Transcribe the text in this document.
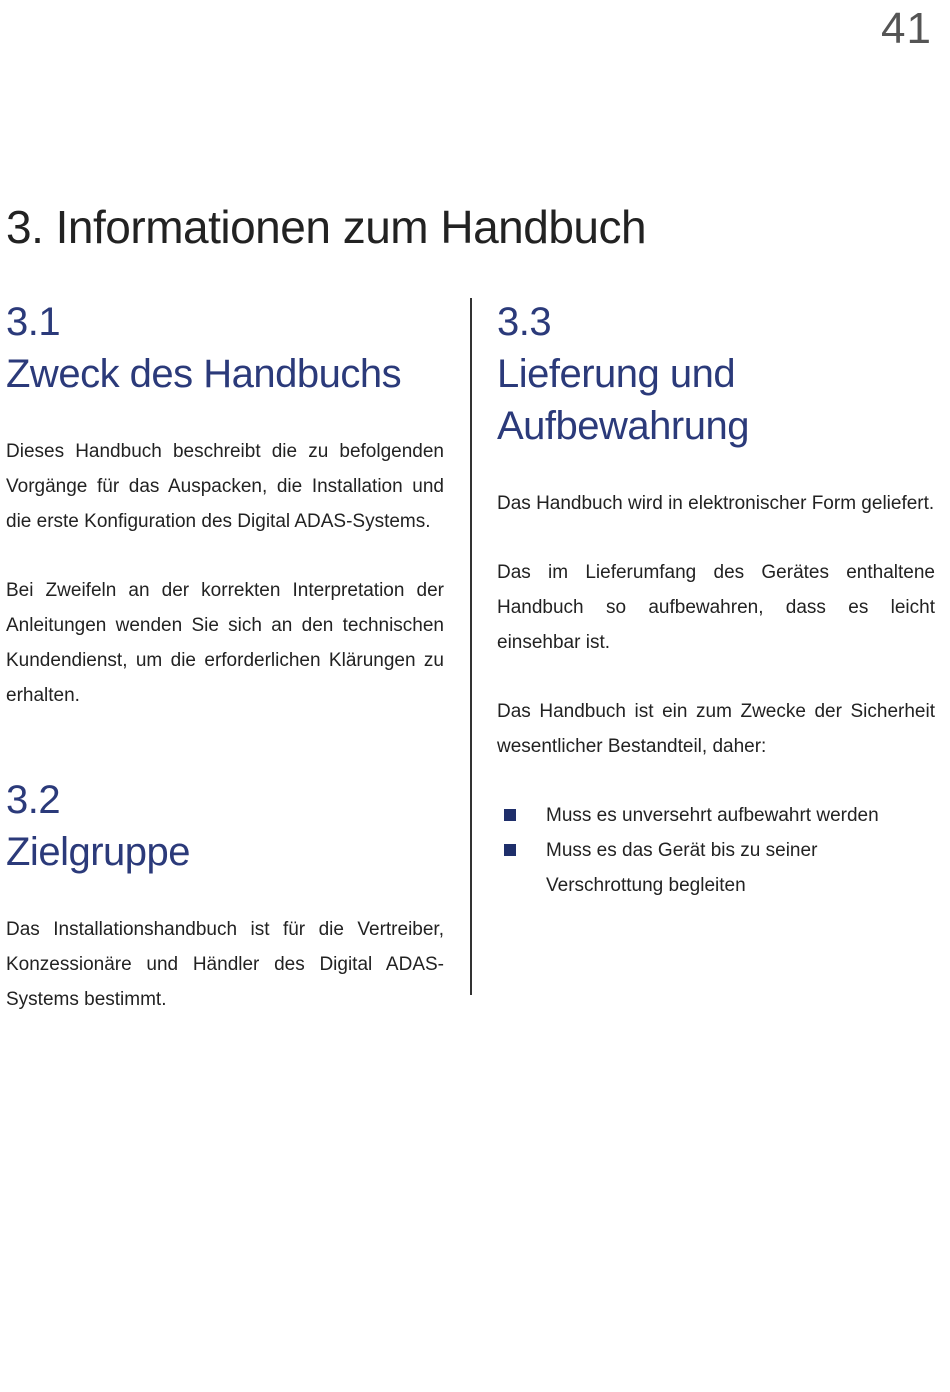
41
3. Informationen zum Handbuch
3.1
Zweck des Handbuchs

Dieses Handbuch beschreibt die zu befolgenden Vorgänge für das Auspacken, die Installation und die erste Konfiguration des Digital ADAS-Systems.

Bei Zweifeln an der korrekten Interpretation der Anleitungen wenden Sie sich an den technischen Kundendienst, um die erforderlichen Klärungen zu erhalten.

3.2
Zielgruppe

Das Installationshandbuch ist für die Vertreiber, Konzessionäre und Händler des Digital ADAS-Systems bestimmt.

3.3
Lieferung und
Aufbewahrung

Das Handbuch wird in elektronischer Form geliefert.

Das im Lieferumfang des Gerätes enthaltene Handbuch so aufbewahren, dass es leicht einsehbar ist.

Das Handbuch ist ein zum Zwecke der Sicherheit wesentlicher Bestandteil, daher:

Muss es unversehrt aufbewahrt werden
Muss es das Gerät bis zu seiner Verschrottung begleiten
